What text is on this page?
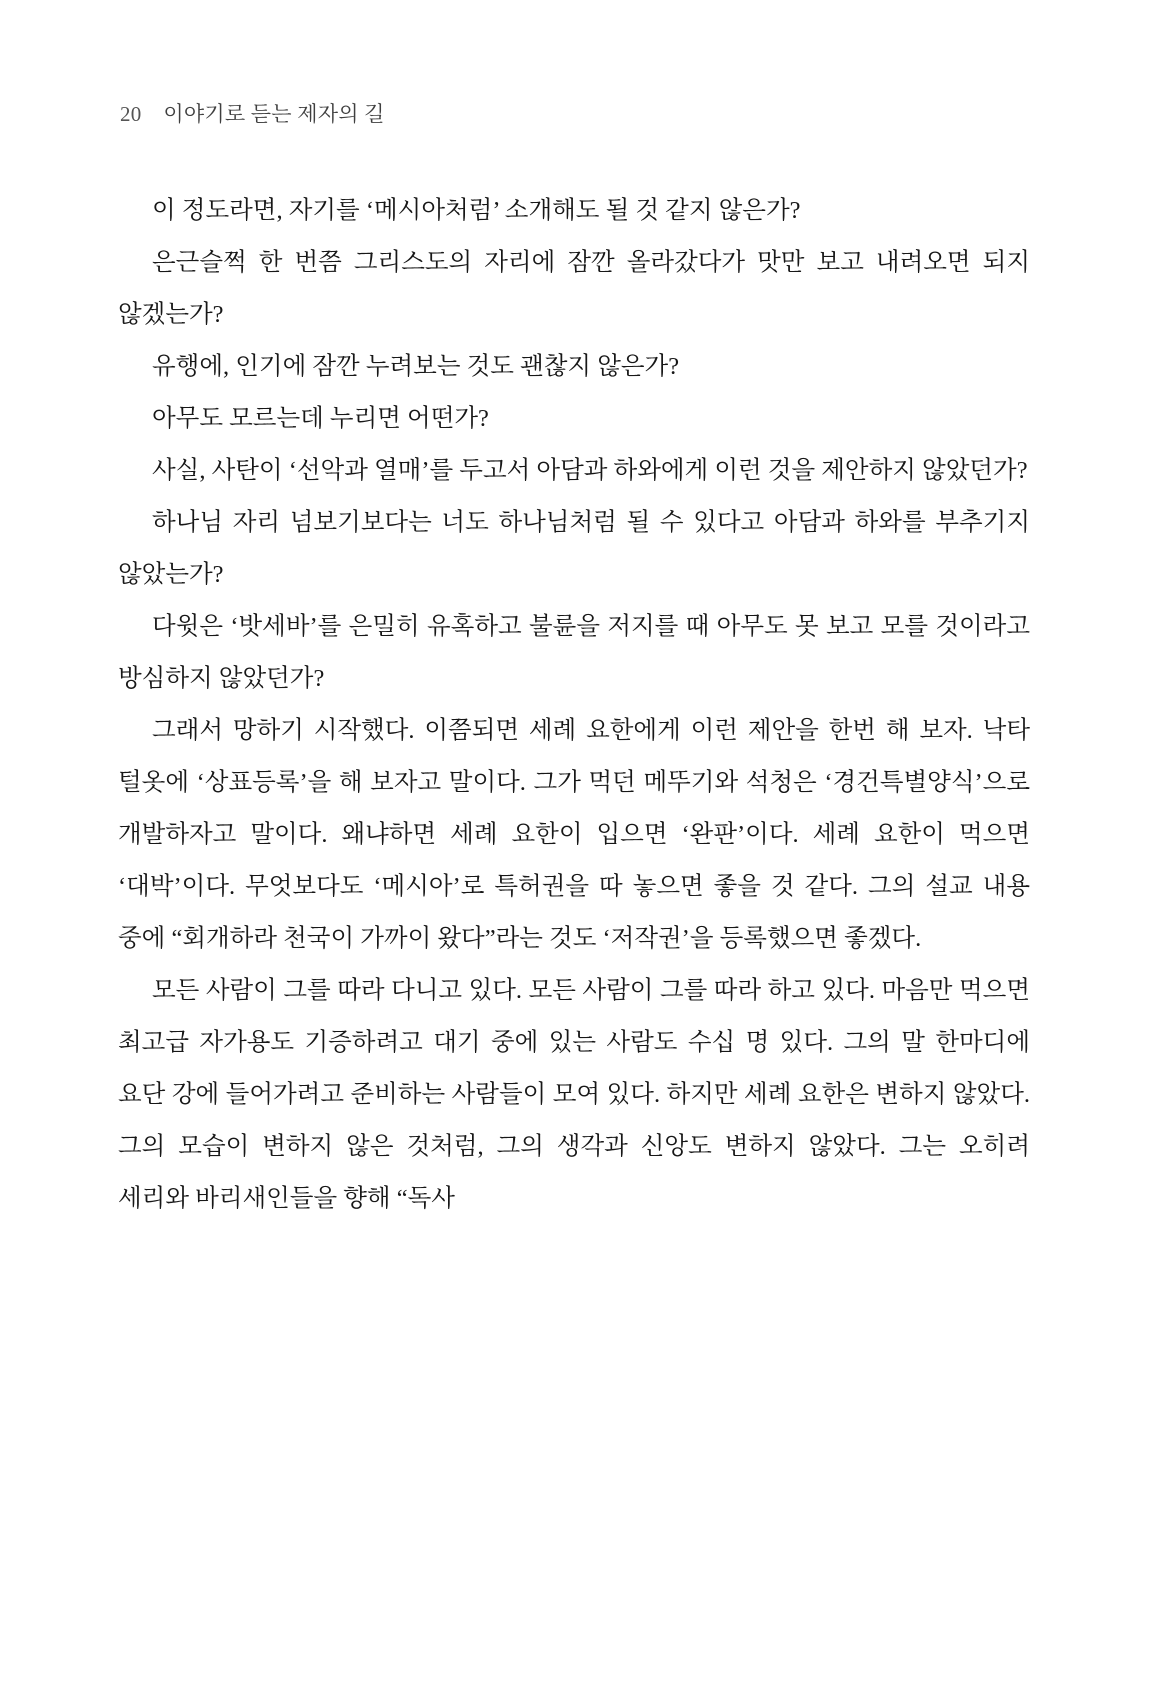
20 이야기로 듣는 제자의 길

이 정도라면, 자기를 ‘메시아처럼’ 소개해도 될 것 같지 않은가?

은근슬쩍 한 번쯤 그리스도의 자리에 잠깐 올라갔다가 맛만 보고 내려오면 되지 않겠는가?

유행에, 인기에 잠깐 누려보는 것도 괜찮지 않은가?

아무도 모르는데 누리면 어떤가?

사실, 사탄이 ‘선악과 열매’를 두고서 아담과 하와에게 이런 것을 제안하지 않았던가?

하나님 자리 넘보기보다는 너도 하나님처럼 될 수 있다고 아담과 하와를 부추기지 않았는가?

다윗은 ‘밧세바’를 은밀히 유혹하고 불륜을 저지를 때 아무도 못 보고 모를 것이라고 방심하지 않았던가?

그래서 망하기 시작했다. 이쯤되면 세례 요한에게 이런 제안을 한번 해 보자. 낙타 털옷에 ‘상표등록’을 해 보자고 말이다. 그가 먹던 메뚜기와 석청은 ‘경건특별양식’으로 개발하자고 말이다. 왜냐하면 세례 요한이 입으면 ‘완판’이다. 세례 요한이 먹으면 ‘대박’이다. 무엇보다도 ‘메시아’로 특허권을 따 놓으면 좋을 것 같다. 그의 설교 내용 중에 “회개하라 천국이 가까이 왔다”라는 것도 ‘저작권’을 등록했으면 좋겠다.

모든 사람이 그를 따라 다니고 있다. 모든 사람이 그를 따라 하고 있다. 마음만 먹으면 최고급 자가용도 기증하려고 대기 중에 있는 사람도 수십 명 있다. 그의 말 한마디에 요단 강에 들어가려고 준비하는 사람들이 모여 있다. 하지만 세례 요한은 변하지 않았다. 그의 모습이 변하지 않은 것처럼, 그의 생각과 신앙도 변하지 않았다. 그는 오히려 세리와 바리새인들을 향해 “독사
